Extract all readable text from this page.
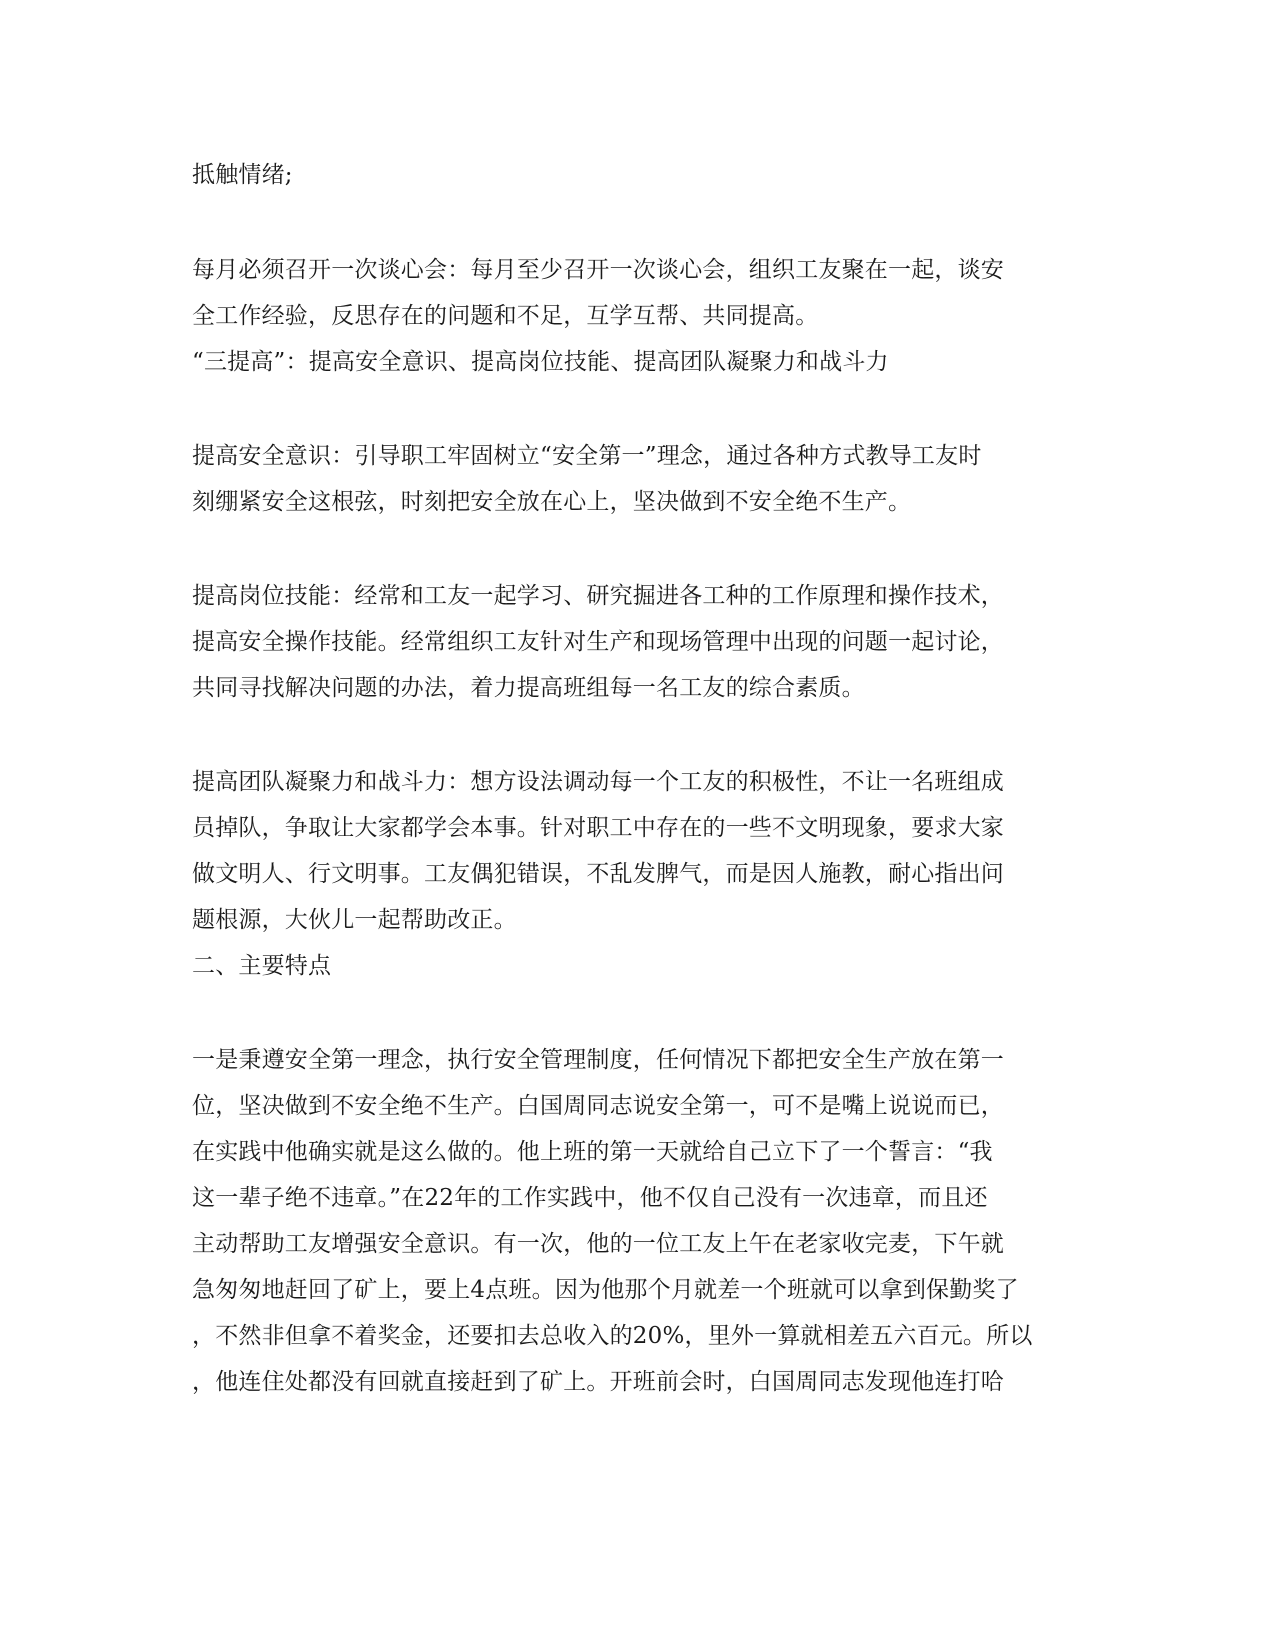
抵触情绪;
每月必须召开一次谈心会：每月至少召开一次谈心会，组织工友聚在一起，谈安
全工作经验，反思存在的问题和不足，互学互帮、共同提高。
“三提高”：提高安全意识、提高岗位技能、提高团队凝聚力和战斗力
提高安全意识：引导职工牢固树立“安全第一”理念，通过各种方式教导工友时
刻绷紧安全这根弦，时刻把安全放在心上，坚决做到不安全绝不生产。
提高岗位技能：经常和工友一起学习、研究掘进各工种的工作原理和操作技术，
提高安全操作技能。经常组织工友针对生产和现场管理中出现的问题一起讨论，
共同寻找解决问题的办法，着力提高班组每一名工友的综合素质。
提高团队凝聚力和战斗力：想方设法调动每一个工友的积极性，不让一名班组成
员掉队，争取让大家都学会本事。针对职工中存在的一些不文明现象，要求大家
做文明人、行文明事。工友偶犯错误，不乱发脾气，而是因人施教，耐心指出问
题根源，大伙儿一起帮助改正。
二、主要特点
一是秉遵安全第一理念，执行安全管理制度，任何情况下都把安全生产放在第一
位，坚决做到不安全绝不生产。白国周同志说安全第一，可不是嘴上说说而已，
在实践中他确实就是这么做的。他上班的第一天就给自己立下了一个誓言：“我
这一辈子绝不违章。”在22年的工作实践中，他不仅自己没有一次违章，而且还
主动帮助工友增强安全意识。有一次，他的一位工友上午在老家收完麦，下午就
急匆匆地赶回了矿上，要上4点班。因为他那个月就差一个班就可以拿到保勤奖了
，不然非但拿不着奖金，还要扣去总收入的20%，里外一算就相差五六百元。所以
，他连住处都没有回就直接赶到了矿上。开班前会时，白国周同志发现他连打哈
